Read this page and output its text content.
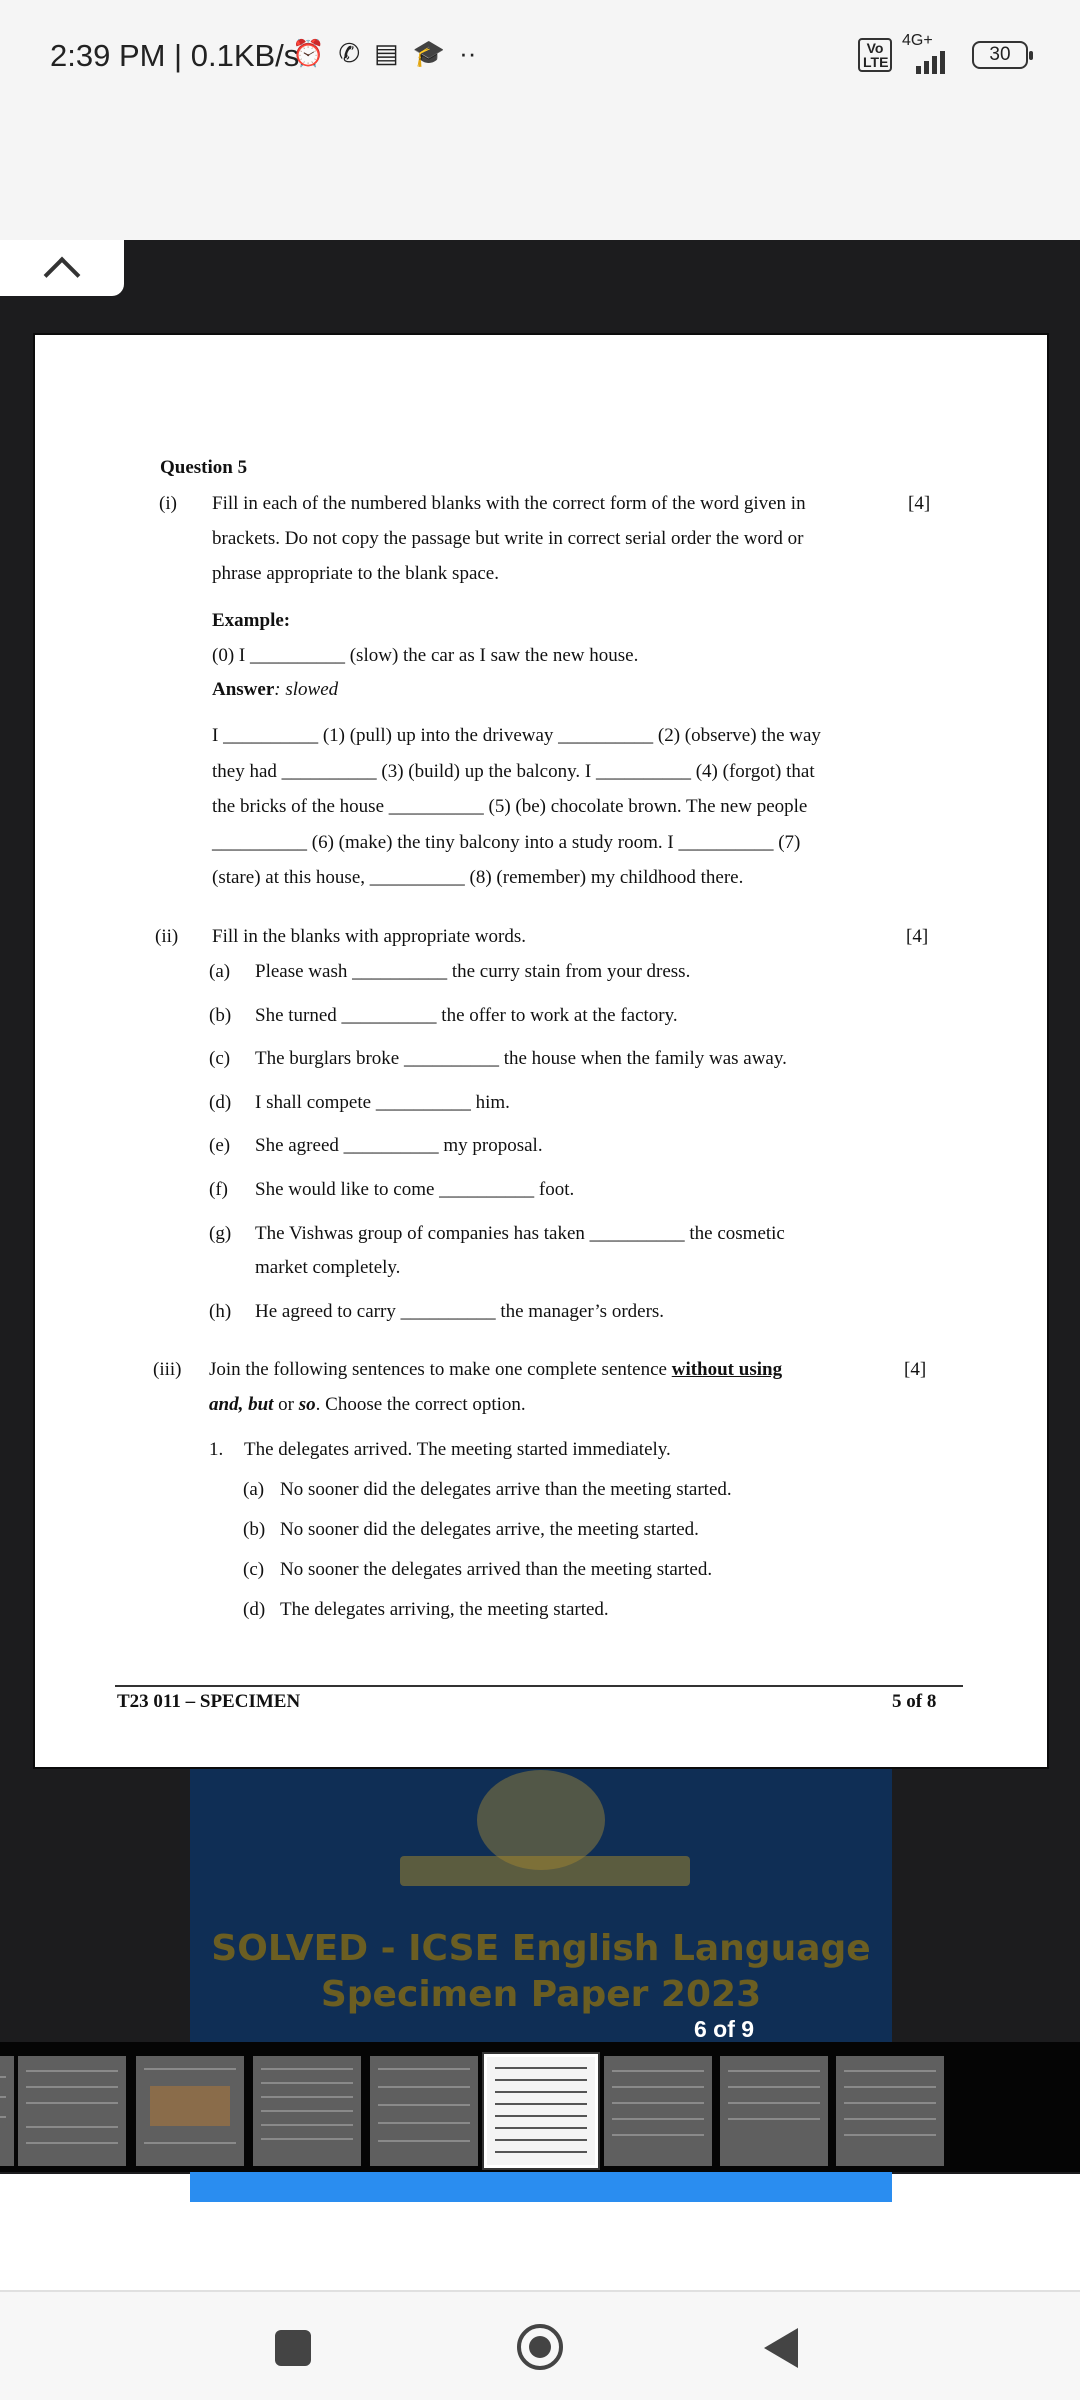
2:39 PM | 0.1KB/s
⏰ ✆ ▤ 🎓 ··	Vo LTE
4G+
30
SOLVED - ICSE English Language
Specimen Paper 2023
Question 5
(i)	[4]
Fill in each of the numbered blanks with the correct form of the word given in
brackets. Do not copy the passage but write in correct serial order the word or
phrase appropriate to the blank space.
Example:
(0) I __________ (slow) the car as I saw the new house.
Answer: slowed
I __________ (1) (pull) up into the driveway __________ (2) (observe) the way
they had __________ (3) (build) up the balcony. I __________ (4) (forgot) that
the bricks of the house __________ (5) (be) chocolate brown. The new people
__________ (6) (make) the tiny balcony into a study room. I __________ (7)
(stare) at this house, __________ (8) (remember) my childhood there.
(ii)	[4]
Fill in the blanks with appropriate words.
(a) Please wash __________ the curry stain from your dress.
(b) She turned __________ the offer to work at the factory.
(c) The burglars broke __________ the house when the family was away.
(d) I shall compete __________ him.
(e) She agreed __________ my proposal.
(f) She would like to come __________ foot.
(g) The Vishwas group of companies has taken __________ the cosmetic
market completely.
(h) He agreed to carry __________ the manager’s orders.
(iii)	[4]
Join the following sentences to make one complete sentence without using
and, but or so. Choose the correct option.
1. The delegates arrived. The meeting started immediately.
(a) No sooner did the delegates arrive than the meeting started.
(b) No sooner did the delegates arrive, the meeting started.
(c) No sooner the delegates arrived than the meeting started.
(d) The delegates arriving, the meeting started.
T23 011 – SPECIMEN	5 of 8
6 of 9
